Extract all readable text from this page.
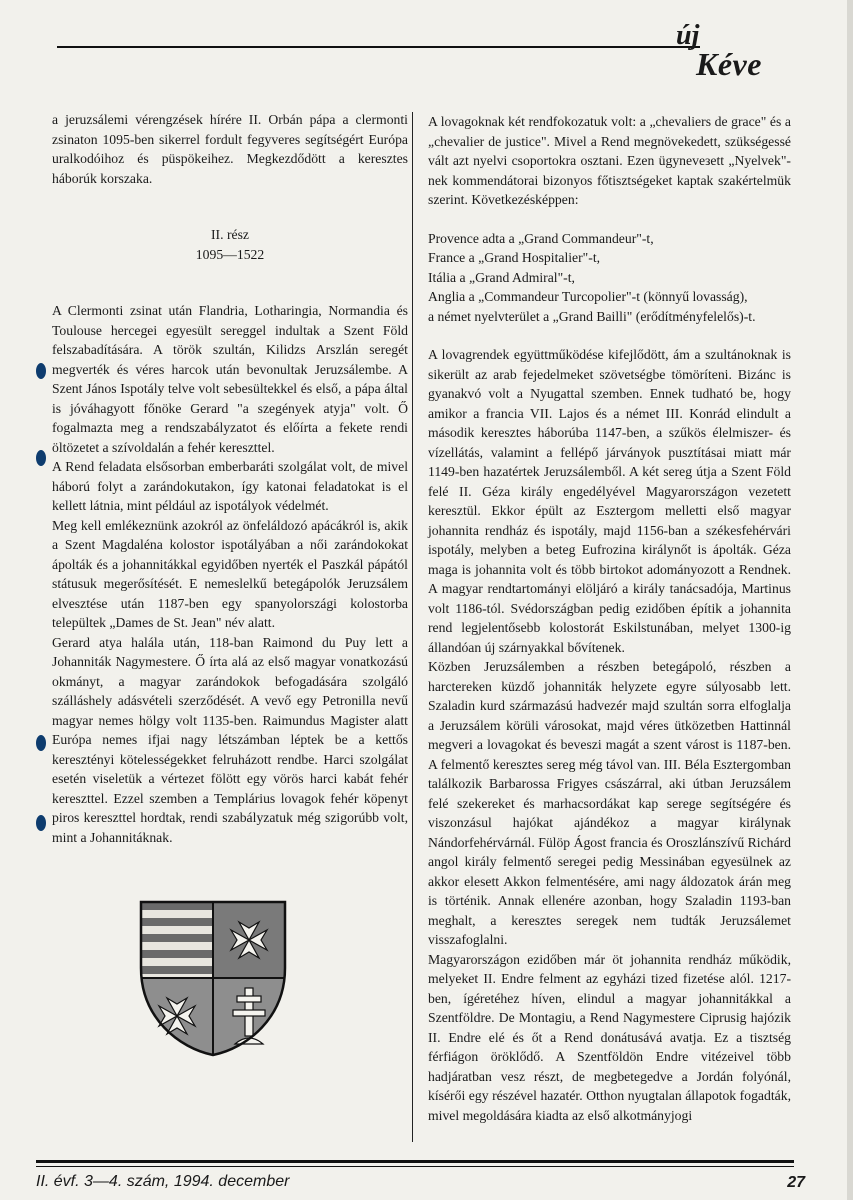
új
Kéve

a jeruzsálemi vérengzések hírére II. Orbán pápa a clermonti zsinaton 1095-ben sikerrel fordult fegyveres segítségért Európa uralkodóihoz és püspökeihez. Megkezdődött a keresztes háborúk korszaka.

II. rész

1095—1522

A Clermonti zsinat után Flandria, Lotharingia, Normandia és Toulouse hercegei egyesült sereggel indultak a Szent Föld felszabadítására. A török szultán, Kilidzs Arszlán seregét megverték és véres harcok után bevonultak Jeruzsálembe. A Szent János Ispotály telve volt sebesültekkel és első, a pápa által is jóváhagyott főnöke Gerard "a szegények atyja" volt. Ő fogalmazta meg a rendszabályzatot és előírta a fekete rendi öltözetet a szívoldalán a fehér kereszttel.

A Rend feladata elsősorban emberbaráti szolgálat volt, de mivel háború folyt a zarándokutakon, így katonai feladatokat is el kellett látnia, mint például az ispotályok védelmét.

Meg kell emlékeznünk azokról az önfeláldozó apácákról is, akik a Szent Magdaléna kolostor ispotályában a női zarándokokat ápolták és a johannitákkal egyidőben nyerték el Paszkál pápától státusuk megerősítését. E nemeslelkű betegápolók Jeruzsálem elvesztése után 1187-ben egy spanyolországi kolostorba települtek „Dames de St. Jean" név alatt.

Gerard atya halála után, 118-ban Raimond du Puy lett a Johanniták Nagymestere. Ő írta alá az első magyar vonatkozású okmányt, a magyar zarándokok befogadására szolgáló szálláshely adásvételi szerződését. A vevő egy Petronilla nevű magyar nemes hölgy volt 1135-ben. Raimundus Magister alatt Európa nemes ifjai nagy létszámban léptek be a kettős keresztényi kötelességekket felruházott rendbe. Harci szolgálat esetén viseletük a vértezet fölött egy vörös harci kabát fehér kereszttel. Ezzel szemben a Templárius lovagok fehér köpenyt piros kereszttel hordtak, rendi szabályzatuk még szigorúbb volt, mint a Johannitáknak.

A lovagoknak két rendfokozatuk volt: a „chevaliers de grace" és a „chevalier de justice". Mivel a Rend megnövekedett, szükségessé vált azt nyelvi csoportokra osztani. Ezen ügyneveзett „Nyelvek"-nek kommendátorai bizonyos főtisztségeket kaptak szakértelmük szerint. Következésképpen:

Provence adta a „Grand Commandeur"-t,

France a „Grand Hospitalier"-t,

Itália a „Grand Admiral"-t,

Anglia a „Commandeur Turcopolier"-t (könnyű lovasság),

a német nyelvterület a „Grand Bailli" (erődítményfelelős)-t.

A lovagrendek együttműködése kifejlődött, ám a szultánoknak is sikerült az arab fejedelmeket szövetségbe tömöríteni. Bizánc is gyanakvó volt a Nyugattal szemben. Ennek tudható be, hogy amikor a francia VII. Lajos és a német III. Konrád elindult a második keresztes háborúba 1147-ben, a szűkös élelmiszer- és vízellátás, valamint a fellépő járványok pusztításai miatt már 1149-ben hazatértek Jeruzsálemből. A két sereg útja a Szent Föld felé II. Géza király engedélyével Magyarországon vezetett keresztül. Ekkor épült az Esztergom melletti első magyar johannita rendház és ispotály, majd 1156-ban a székesfehérvári ispotály, melyben a beteg Eufrozina királynőt is ápolták. Géza maga is johannita volt és több birtokot adományozott a Rendnek. A magyar rendtartományi elöljáró a király tanácsadója, Martinus volt 1186-tól. Svédországban pedig ezidőben építik a johannita rend legjelentősebb kolostorát Eskilstunában, melyet 1300-ig állandóan új szárnyakkal bővítenek.

Közben Jeruzsálemben a részben betegápoló, részben a harctereken küzdő johanniták helyzete egyre súlyosabb lett. Szaladin kurd származású hadvezér majd szultán sorra elfoglalja a Jeruzsálem körüli városokat, majd véres ütközetben Hattinnál megveri a lovagokat és beveszi magát a szent várost is 1187-ben. A felmentő keresztes sereg még távol van. III. Béla Esztergomban találkozik Barbarossa Frigyes császárral, aki útban Jeruzsálem felé szekereket és marhacsordákat kap serege segítségére és viszonzásul hajókat ajándékoz a magyar királynak Nándorfehérvárnál. Fülöp Ágost francia és Oroszlánszívű Richárd angol király felmentő seregei pedig Messinában egyesülnek az akkor elesett Akkon felmentésére, ami nagy áldozatok árán meg is történik. Annak ellenére azonban, hogy Szaladin 1193-ban meghalt, a keresztes seregek nem tudták Jeruzsálemet visszafoglalni.

Magyarországon ezidőben már öt johannita rendház működik, melyeket II. Endre felment az egyházi tized fizetése alól. 1217-ben, ígéretéhez híven, elindul a magyar johannitákkal a Szentföldre. De Montagiu, a Rend Nagymestere Ciprusig hajózik II. Endre elé és őt a Rend donátusává avatja. Ez a tisztség férfiágon öröklődő. A Szentföldön Endre vitézeivel több hadjáratban vesz részt, de megbetegedve a Jordán folyónál, kísérői egy részével hazatér. Otthon nyugtalan állapotok fogadták, mivel megoldására kiadta az első alkotmányjogi

II. évf. 3—4. szám, 1994. december	27
